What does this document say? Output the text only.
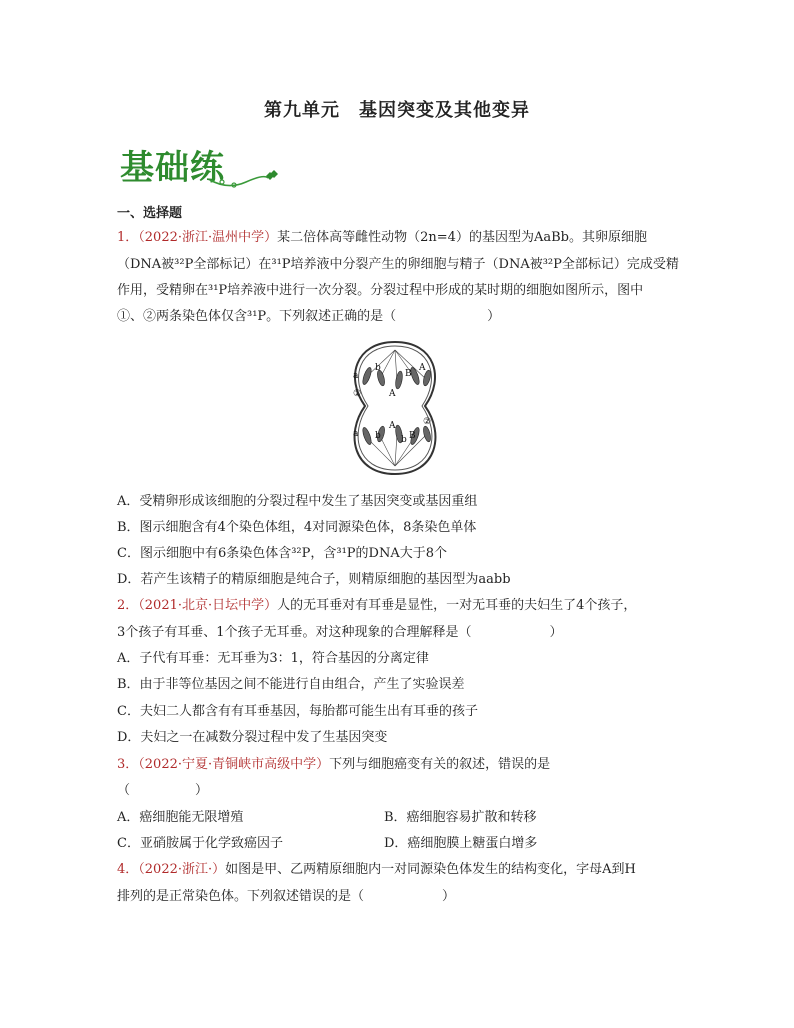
第九单元　基因突变及其他变异
基础练
一、选择题
1．（2022·浙江·温州中学）某二倍体高等雌性动物（2n=4）的基因型为AaBb。其卵原细胞
（DNA被³²P全部标记）在³¹P培养液中分裂产生的卵细胞与精子（DNA被³²P全部标记）完成受精
作用，受精卵在³¹P培养液中进行一次分裂。分裂过程中形成的某时期的细胞如图所示，图中
①、②两条染色体仅含³¹P。下列叙述正确的是（　　　　　　　）
a
b
A
B
①
A
a b
A
B
②
b
A．受精卵形成该细胞的分裂过程中发生了基因突变或基因重组
B．图示细胞含有4个染色体组，4对同源染色体，8条染色单体
C．图示细胞中有6条染色体含³²P，含³¹P的DNA大于8个
D．若产生该精子的精原细胞是纯合子，则精原细胞的基因型为aabb
2．（2021·北京·日坛中学）人的无耳垂对有耳垂是显性，一对无耳垂的夫妇生了4个孩子，
3个孩子有耳垂、1个孩子无耳垂。对这种现象的合理解释是（　　　　　　）
A．子代有耳垂：无耳垂为3：1，符合基因的分离定律
B．由于非等位基因之间不能进行自由组合，产生了实验误差
C．夫妇二人都含有有耳垂基因，每胎都可能生出有耳垂的孩子
D．夫妇之一在减数分裂过程中发了生基因突变
3．（2022·宁夏·青铜峡市高级中学）下列与细胞癌变有关的叙述，错误的是
（　　　　　）
A．癌细胞能无限增殖	B．癌细胞容易扩散和转移
C．亚硝胺属于化学致癌因子	D．癌细胞膜上糖蛋白增多
4．（2022·浙江·）如图是甲、乙两精原细胞内一对同源染色体发生的结构变化，字母A到H
排列的是正常染色体。下列叙述错误的是（　　　　　　）
